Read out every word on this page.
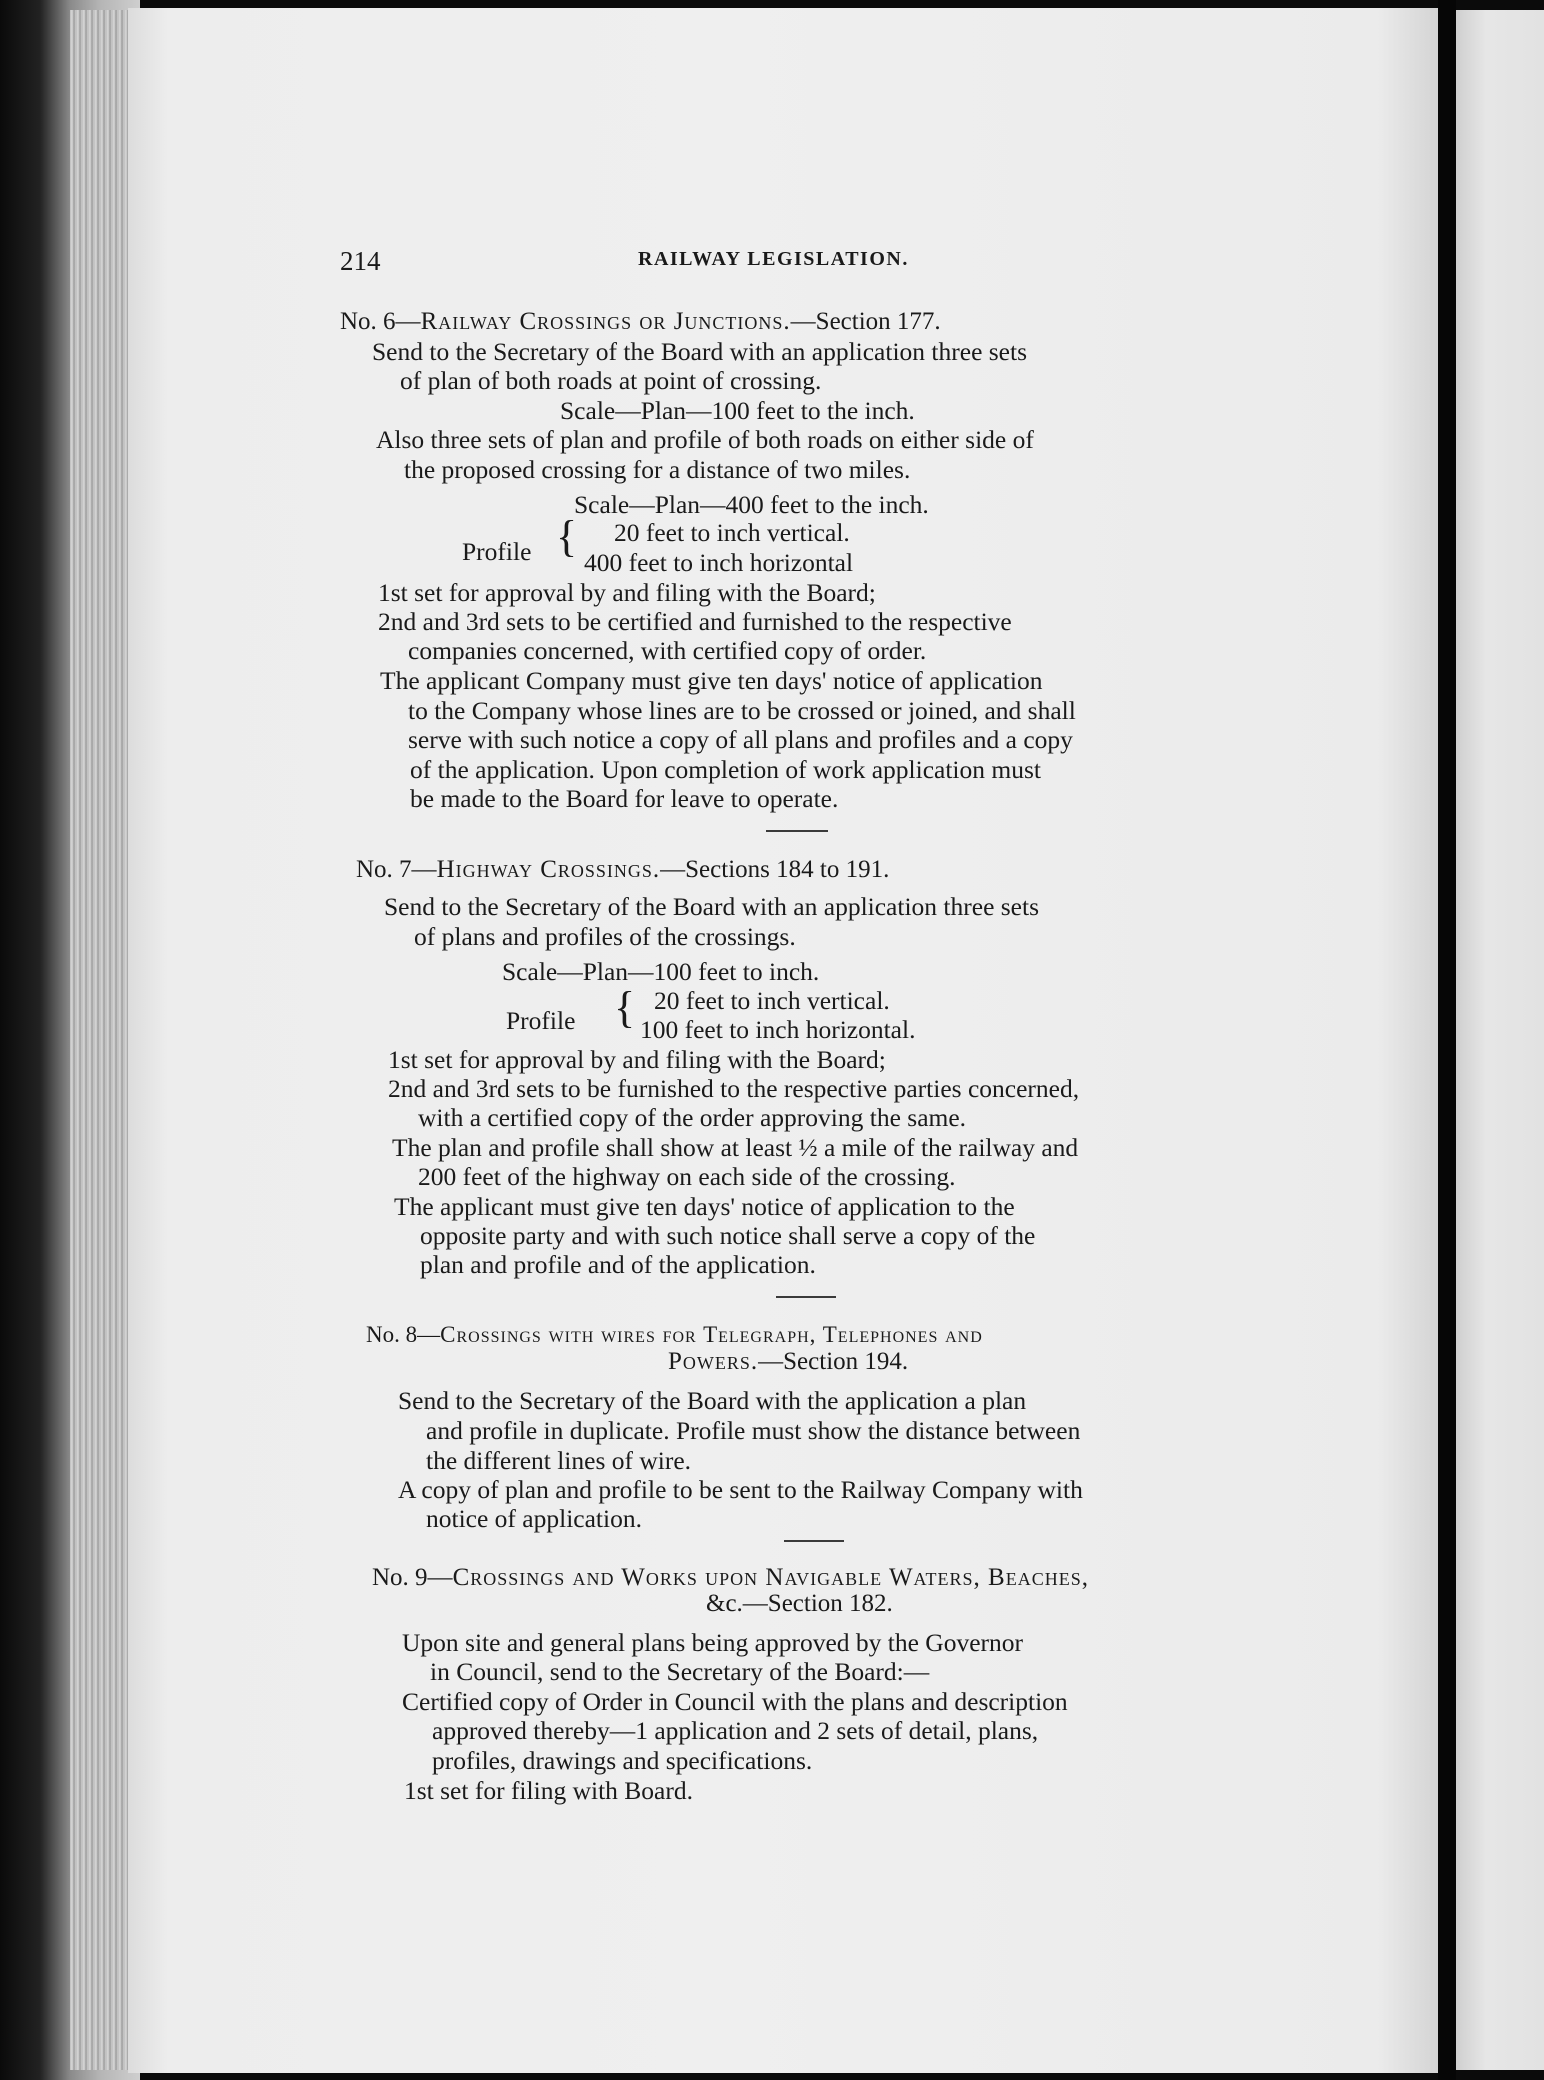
214	RAILWAY LEGISLATION.
No. 6—Railway Crossings or Junctions.—Section 177.
Send to the Secretary of the Board with an application three sets
of plan of both roads at point of crossing.
Scale—Plan—100 feet to the inch.
Also three sets of plan and profile of both roads on either side of
the proposed crossing for a distance of two miles.
Scale—Plan—400 feet to the inch.
Profile { 20 feet to inch vertical.
400 feet to inch horizontal
1st set for approval by and filing with the Board;
2nd and 3rd sets to be certified and furnished to the respective
companies concerned, with certified copy of order.
The applicant Company must give ten days' notice of application
to the Company whose lines are to be crossed or joined, and shall
serve with such notice a copy of all plans and profiles and a copy
of the application. Upon completion of work application must
be made to the Board for leave to operate.
No. 7—Highway Crossings.—Sections 184 to 191.
Send to the Secretary of the Board with an application three sets
of plans and profiles of the crossings.
Scale—Plan—100 feet to inch.
Profile { 20 feet to inch vertical.
100 feet to inch horizontal.
1st set for approval by and filing with the Board;
2nd and 3rd sets to be furnished to the respective parties concerned,
with a certified copy of the order approving the same.
The plan and profile shall show at least ½ a mile of the railway and
200 feet of the highway on each side of the crossing.
The applicant must give ten days' notice of application to the
opposite party and with such notice shall serve a copy of the
plan and profile and of the application.
No. 8—Crossings with wires for Telegraph, Telephones and
Powers.—Section 194.
Send to the Secretary of the Board with the application a plan
and profile in duplicate. Profile must show the distance between
the different lines of wire.
A copy of plan and profile to be sent to the Railway Company with
notice of application.
No. 9—Crossings and Works upon Navigable Waters, Beaches,
&c.—Section 182.
Upon site and general plans being approved by the Governor
in Council, send to the Secretary of the Board:—
Certified copy of Order in Council with the plans and description
approved thereby—1 application and 2 sets of detail, plans,
profiles, drawings and specifications.
1st set for filing with Board.
